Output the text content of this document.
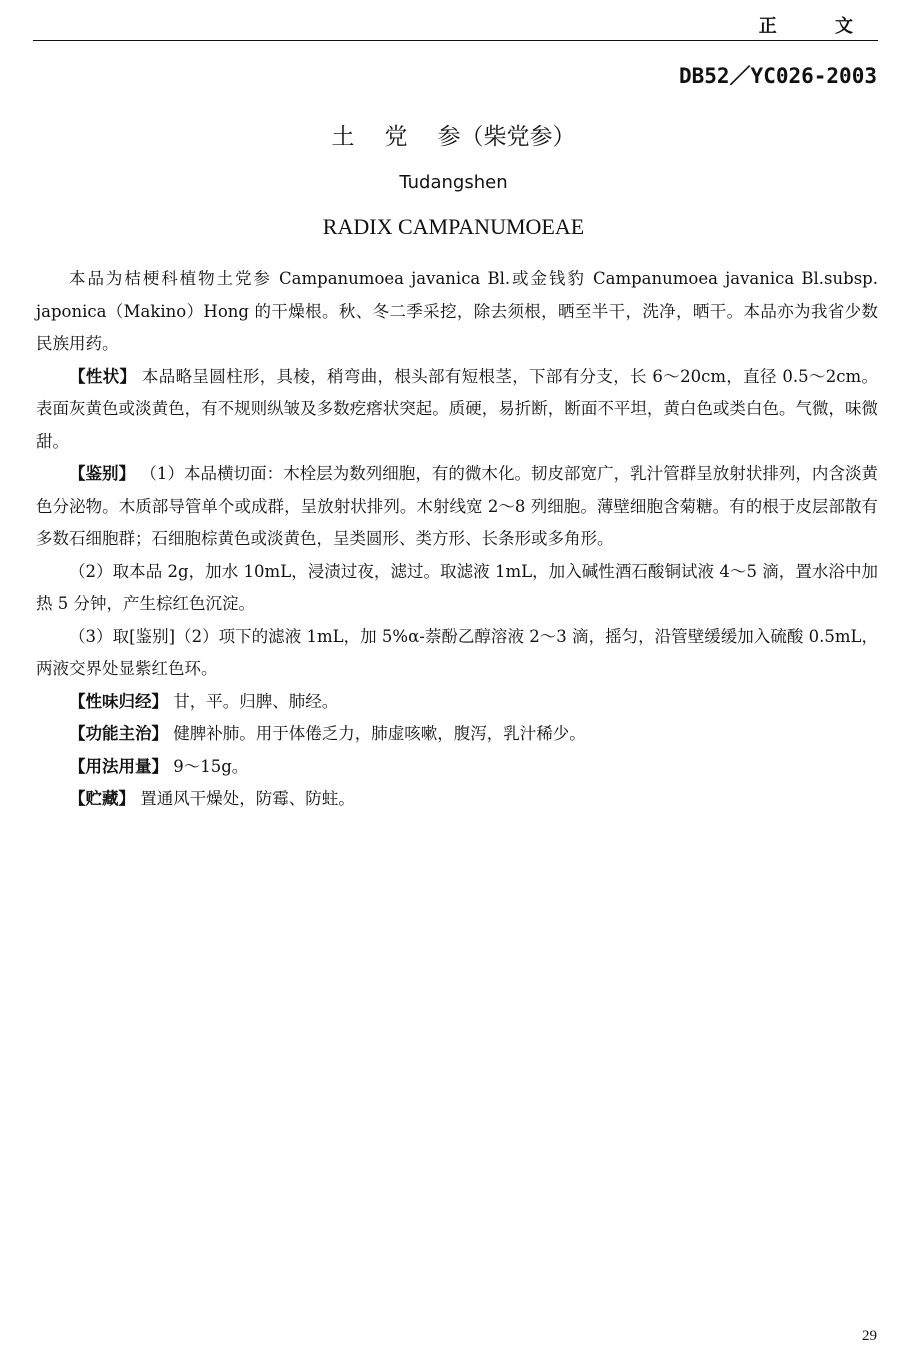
正 文
DB52／YC026-2003
土 党 参（柴党参）
Tudangshen
RADIX CAMPANUMOEAE

本品为桔梗科植物土党参 Campanumoea javanica Bl.或金钱豹 Campanumoea javanica Bl.subsp. japonica（Makino）Hong 的干燥根。秋、冬二季采挖，除去须根，晒至半干，洗净，晒干。本品亦为我省少数民族用药。

【性状】 本品略呈圆柱形，具棱，稍弯曲，根头部有短根茎，下部有分支，长 6～20cm，直径 0.5～2cm。表面灰黄色或淡黄色，有不规则纵皱及多数疙瘩状突起。质硬，易折断，断面不平坦，黄白色或类白色。气微，味微甜。

【鉴别】 （1）本品横切面：木栓层为数列细胞，有的微木化。韧皮部宽广，乳汁管群呈放射状排列，内含淡黄色分泌物。木质部导管单个或成群，呈放射状排列。木射线宽 2～8 列细胞。薄壁细胞含菊糖。有的根于皮层部散有多数石细胞群；石细胞棕黄色或淡黄色，呈类圆形、类方形、长条形或多角形。

（2）取本品 2g，加水 10mL，浸渍过夜，滤过。取滤液 1mL，加入碱性酒石酸铜试液 4～5 滴，置水浴中加热 5 分钟，产生棕红色沉淀。

（3）取[鉴别]（2）项下的滤液 1mL，加 5%α-萘酚乙醇溶液 2～3 滴，摇匀，沿管壁缓缓加入硫酸 0.5mL，两液交界处显紫红色环。

【性味归经】 甘，平。归脾、肺经。

【功能主治】 健脾补肺。用于体倦乏力，肺虚咳嗽，腹泻，乳汁稀少。

【用法用量】 9～15g。

【贮藏】 置通风干燥处，防霉、防蛀。

29
